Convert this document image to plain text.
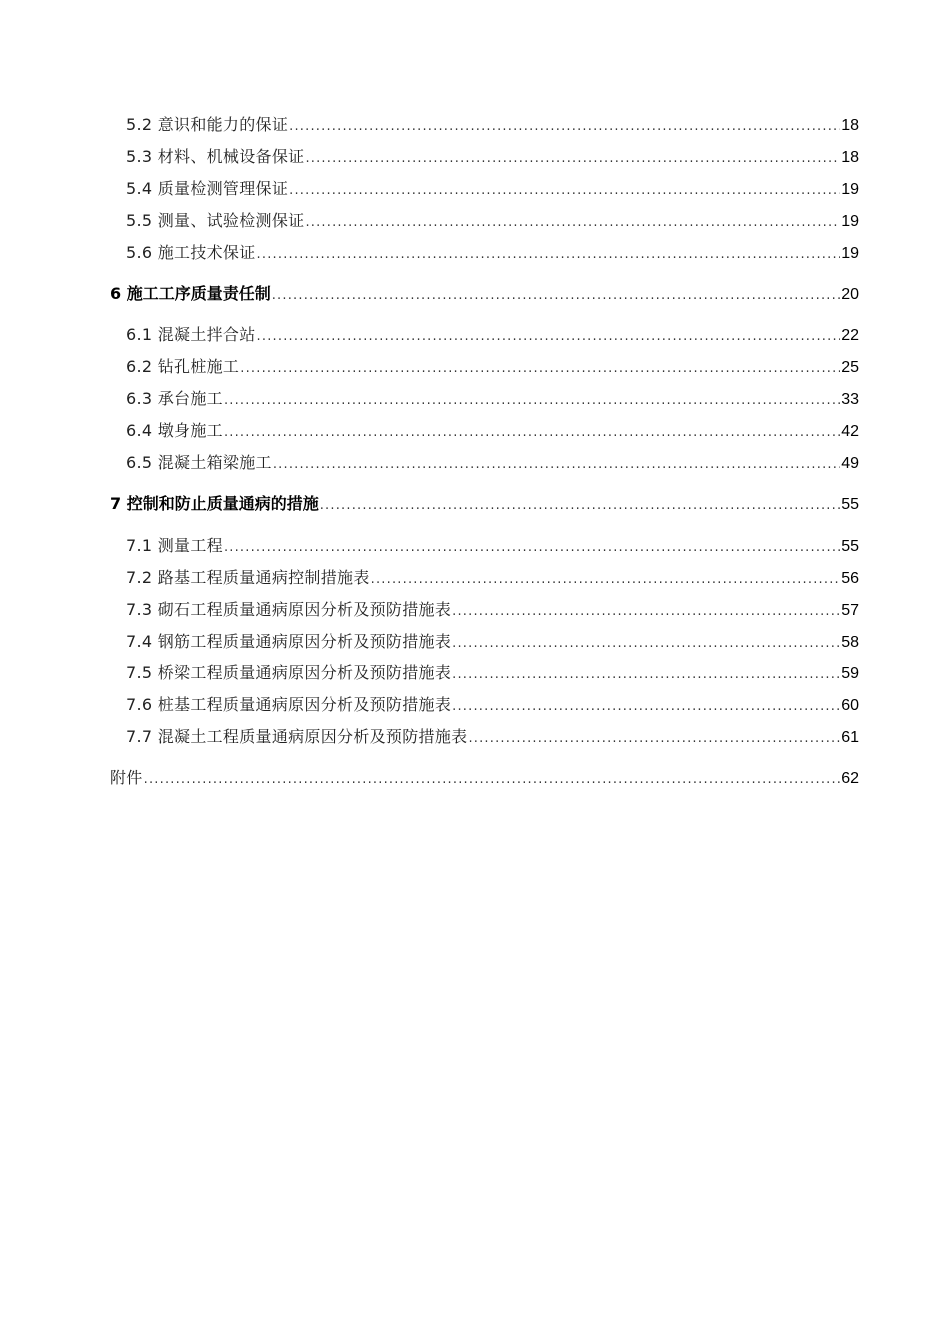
5.2 意识和能力的保证 .....	18
5.3 材料、机械设备保证 .....	18
5.4 质量检测管理保证 .....	19
5.5 测量、试验检测保证 .....	19
5.6 施工技术保证 .....	19
6 施工工序质量责任制 .....	20
6.1 混凝土拌合站 .....	22
6.2 钻孔桩施工 .....	25
6.3 承台施工 .....	33
6.4 墩身施工 .....	42
6.5 混凝土箱梁施工 .....	49
7 控制和防止质量通病的措施 .....	55
7.1 测量工程 .....	55
7.2 路基工程质量通病控制措施表 .....	56
7.3 砌石工程质量通病原因分析及预防措施表 .....	57
7.4 钢筋工程质量通病原因分析及预防措施表 .....	58
7.5 桥梁工程质量通病原因分析及预防措施表 .....	59
7.6 桩基工程质量通病原因分析及预防措施表 .....	60
7.7 混凝土工程质量通病原因分析及预防措施表 .....	61
附件 .....	62
